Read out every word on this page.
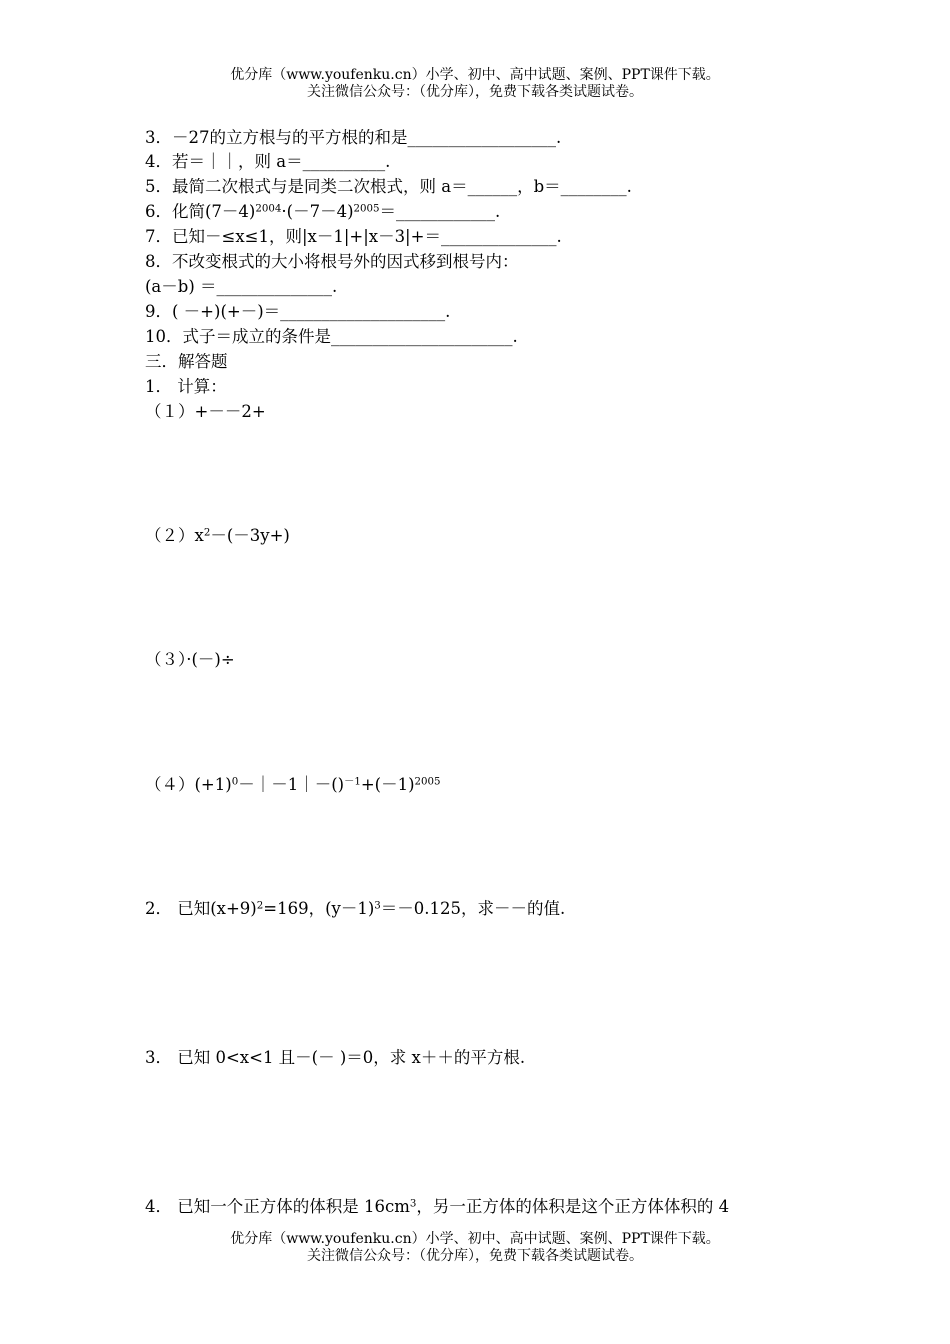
优分库（www.youfenku.cn）小学、初中、高中试题、案例、PPT课件下载。
关注微信公众号：（优分库），免费下载各类试题试卷。
3．－27的立方根与的平方根的和是__________________.
4．若＝｜｜，则 a＝__________.
5．最简二次根式与是同类二次根式，则 a＝______，b＝________.
6．化简$(7-4)^{2004}\cdot(-7-4)^{2005}=\_\_\_\_\_\_\_\_\_\_\_\_$.
7．已知－≤x≤1，则|x－1|+|x－3|+＝______________.
8．不改变根式的大小将根号外的因式移到根号内：
(a－b) ＝______________.
9．( －+)(+－)＝____________________.
10．式子＝成立的条件是______________________.
三．解答题
1． 计算：
（１）+－－2+
$(2)x^2-(-3y+)$
（３）·(－)÷
$(4)(+1)^0-|-1|-()^{-1}+(-1)^{2005}$
2． 已知$(x+9)^2=169$，$(y-1)^3=-0.125$，求－－的值.
3． 已知 0<x<1 且－(－ )＝0，求 x＋＋的平方根.
4． 已知一个正方体的体积是 $16cm^3$，另一正方体的体积是这个正方体体积的 4
优分库（www.youfenku.cn）小学、初中、高中试题、案例、PPT课件下载。
关注微信公众号：（优分库），免费下载各类试题试卷。
